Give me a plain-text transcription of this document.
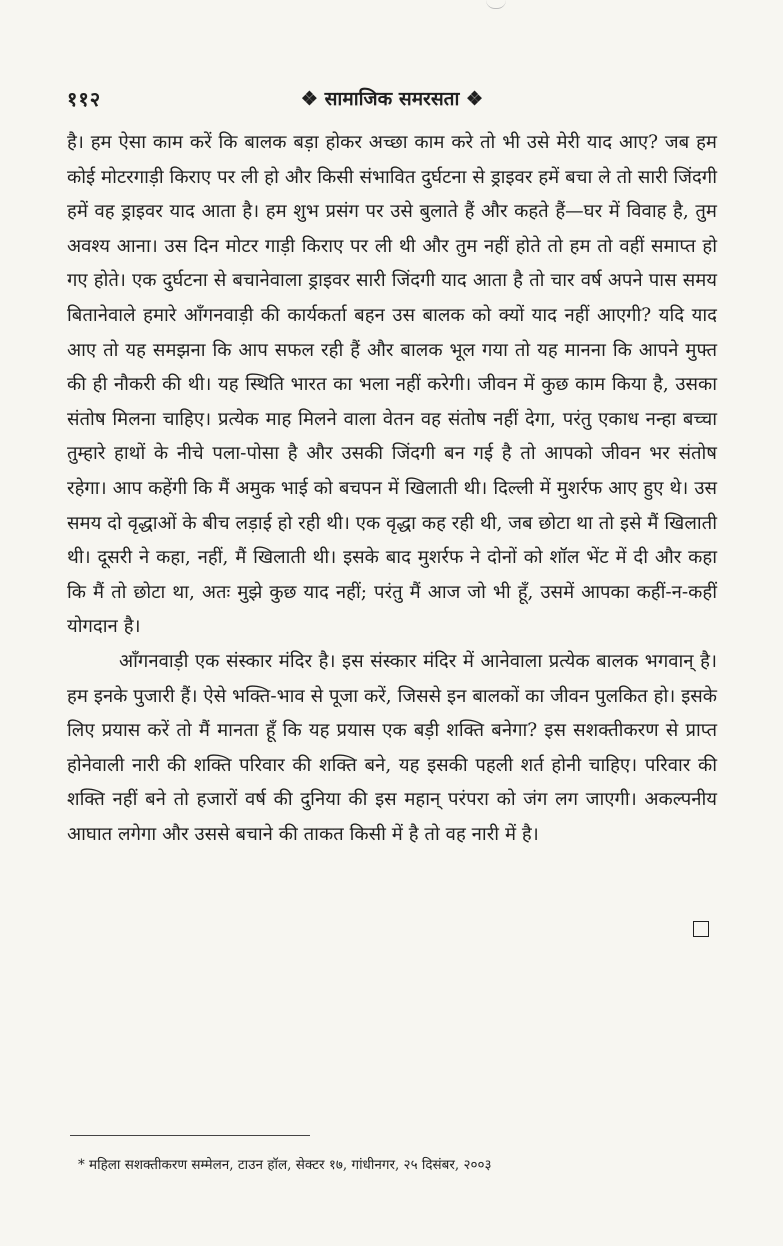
११२	❖ सामाजिक समरसता ❖

है। हम ऐसा काम करें कि बालक बड़ा होकर अच्छा काम करे तो भी उसे मेरी याद आए? जब हम कोई मोटरगाड़ी किराए पर ली हो और किसी संभावित दुर्घटना से ड्राइवर हमें बचा ले तो सारी जिंदगी हमें वह ड्राइवर याद आता है। हम शुभ प्रसंग पर उसे बुलाते हैं और कहते हैं—घर में विवाह है, तुम अवश्य आना। उस दिन मोटर गाड़ी किराए पर ली थी और तुम नहीं होते तो हम तो वहीं समाप्त हो गए होते। एक दुर्घटना से बचानेवाला ड्राइवर सारी जिंदगी याद आता है तो चार वर्ष अपने पास समय बितानेवाले हमारे आँगनवाड़ी की कार्यकर्ता बहन उस बालक को क्यों याद नहीं आएगी? यदि याद आए तो यह समझना कि आप सफल रही हैं और बालक भूल गया तो यह मानना कि आपने मुफ्त की ही नौकरी की थी। यह स्थिति भारत का भला नहीं करेगी। जीवन में कुछ काम किया है, उसका संतोष मिलना चाहिए। प्रत्येक माह मिलने वाला वेतन वह संतोष नहीं देगा, परंतु एकाध नन्हा बच्चा तुम्हारे हाथों के नीचे पला-पोसा है और उसकी जिंदगी बन गई है तो आपको जीवन भर संतोष रहेगा। आप कहेंगी कि मैं अमुक भाई को बचपन में खिलाती थी। दिल्ली में मुशर्रफ आए हुए थे। उस समय दो वृद्धाओं के बीच लड़ाई हो रही थी। एक वृद्धा कह रही थी, जब छोटा था तो इसे मैं खिलाती थी। दूसरी ने कहा, नहीं, मैं खिलाती थी। इसके बाद मुशर्रफ ने दोनों को शॉल भेंट में दी और कहा कि मैं तो छोटा था, अतः मुझे कुछ याद नहीं; परंतु मैं आज जो भी हूँ, उसमें आपका कहीं-न-कहीं योगदान है।

आँगनवाड़ी एक संस्कार मंदिर है। इस संस्कार मंदिर में आनेवाला प्रत्येक बालक भगवान् है। हम इनके पुजारी हैं। ऐसे भक्ति-भाव से पूजा करें, जिससे इन बालकों का जीवन पुलकित हो। इसके लिए प्रयास करें तो मैं मानता हूँ कि यह प्रयास एक बड़ी शक्ति बनेगा? इस सशक्तीकरण से प्राप्त होनेवाली नारी की शक्ति परिवार की शक्ति बने, यह इसकी पहली शर्त होनी चाहिए। परिवार की शक्ति नहीं बने तो हजारों वर्ष की दुनिया की इस महान् परंपरा को जंग लग जाएगी। अकल्पनीय आघात लगेगा और उससे बचाने की ताकत किसी में है तो वह नारी में है।

* महिला सशक्तीकरण सम्मेलन, टाउन हॉल, सेक्टर १७, गांधीनगर, २५ दिसंबर, २००३
